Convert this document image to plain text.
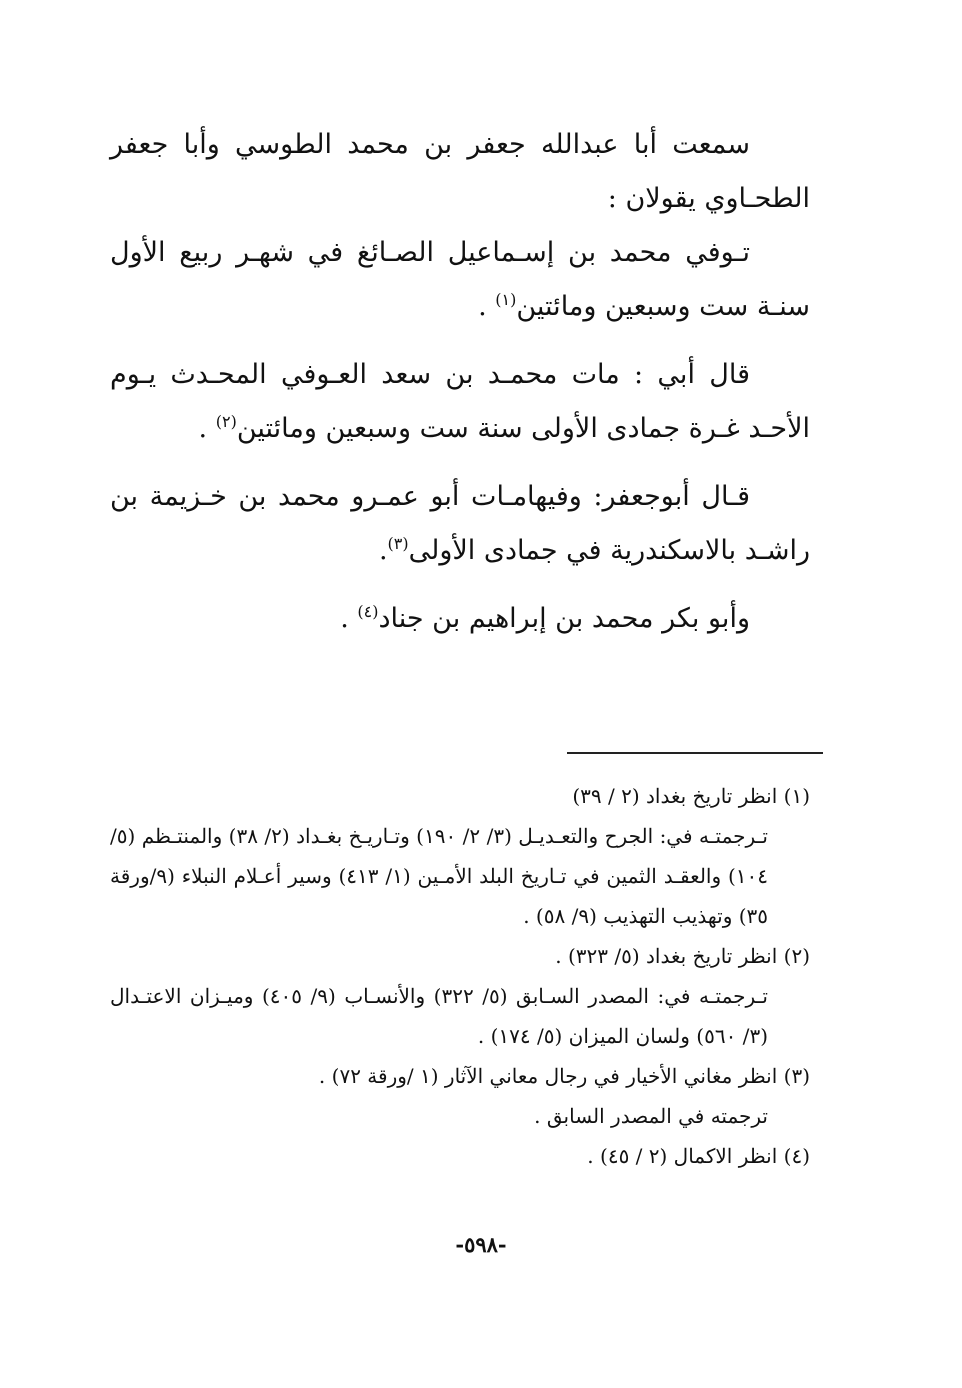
سمعت أبا عبدالله جعفر بن محمد الطوسي وأبا جعفر الطحـاوي يقولان :

تـوفي محمد بن إسـماعيل الصـائغ في شهـر ربيع الأول سنـة ست وسبعين ومائتين$^{(١)}$ .

قال أبي : مات محمـد بن سعد العـوفي المحـدث يـوم الأحـد غـرة جمادى الأولى سنة ست وسبعين ومائتين$^{(٢)}$ .

قـال أبوجعفر: وفيهامـات أبو عمـرو محمد بن خـزيمة بن راشـد بالاسكندرية في جمادى الأولى$^{(٣)}$.

وأبو بكر محمد بن إبراهيم بن جناد$^{(٤)}$ .

(١) انظر تاريخ بغداد (٢ / ٣٩)

تـرجمتـه في: الجرح والتعـديـل (٣/ ٢/ ١٩٠) وتـاريـخ بغـداد (٢/ ٣٨) والمنتـظم (٥/ ١٠٤) والعقـد الثمين في تـاريخ البلد الأمـين (١/ ٤١٣) وسير أعـلام النبلاء (٩/ورقة ٣٥) وتهذيب التهذيب (٩/ ٥٨) .

(٢) انظر تاريخ بغداد (٥/ ٣٢٣) .

تـرجمتـه في: المصدر السـابق (٥/ ٣٢٢) والأنسـاب (٩/ ٤٠٥) وميـزان الاعتـدال (٣/ ٥٦٠) ولسان الميزان (٥/ ١٧٤) .

(٣) انظر مغاني الأخيار في رجال معاني الآثار (١ /ورقة ٧٢) .

ترجمته في المصدر السابق .

(٤) انظر الاكمال (٢ / ٤٥) .

-٥٩٨-
